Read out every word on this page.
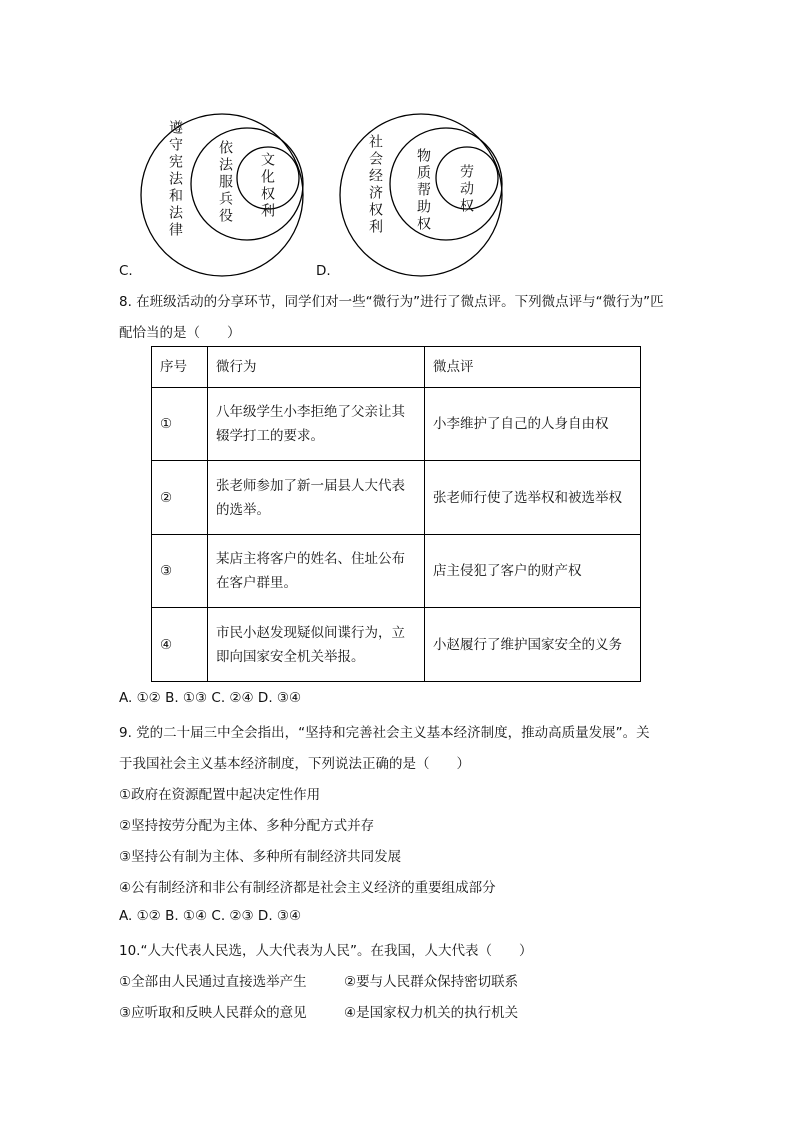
遵守宪法和法律 依法服兵役 文化权利
C.
社会经济权利 物质帮助权 劳动权
D.
8. 在班级活动的分享环节，同学们对一些“微行为”进行了微点评。下列微点评与“微行为”匹
配恰当的是（　　）
序号	微行为	微点评
①	八年级学生小李拒绝了父亲让其
辍学打工的要求。	小李维护了自己的人身自由权
②	张老师参加了新一届县人大代表
的选举。	张老师行使了选举权和被选举权
③	某店主将客户的姓名、住址公布
在客户群里。	店主侵犯了客户的财产权
④	市民小赵发现疑似间谍行为，立
即向国家安全机关举报。	小赵履行了维护国家安全的义务
A. ①② B. ①③ C. ②④ D. ③④
9. 党的二十届三中全会指出，“坚持和完善社会主义基本经济制度，推动高质量发展”。关
于我国社会主义基本经济制度，下列说法正确的是（　　）
①政府在资源配置中起决定性作用
②坚持按劳分配为主体、多种分配方式并存
③坚持公有制为主体、多种所有制经济共同发展
④公有制经济和非公有制经济都是社会主义经济的重要组成部分
A. ①② B. ①④ C. ②③ D. ③④
10.“人大代表人民选，人大代表为人民”。在我国，人大代表（　　）
①全部由人民通过直接选举产生	②要与人民群众保持密切联系
③应听取和反映人民群众的意见	④是国家权力机关的执行机关
